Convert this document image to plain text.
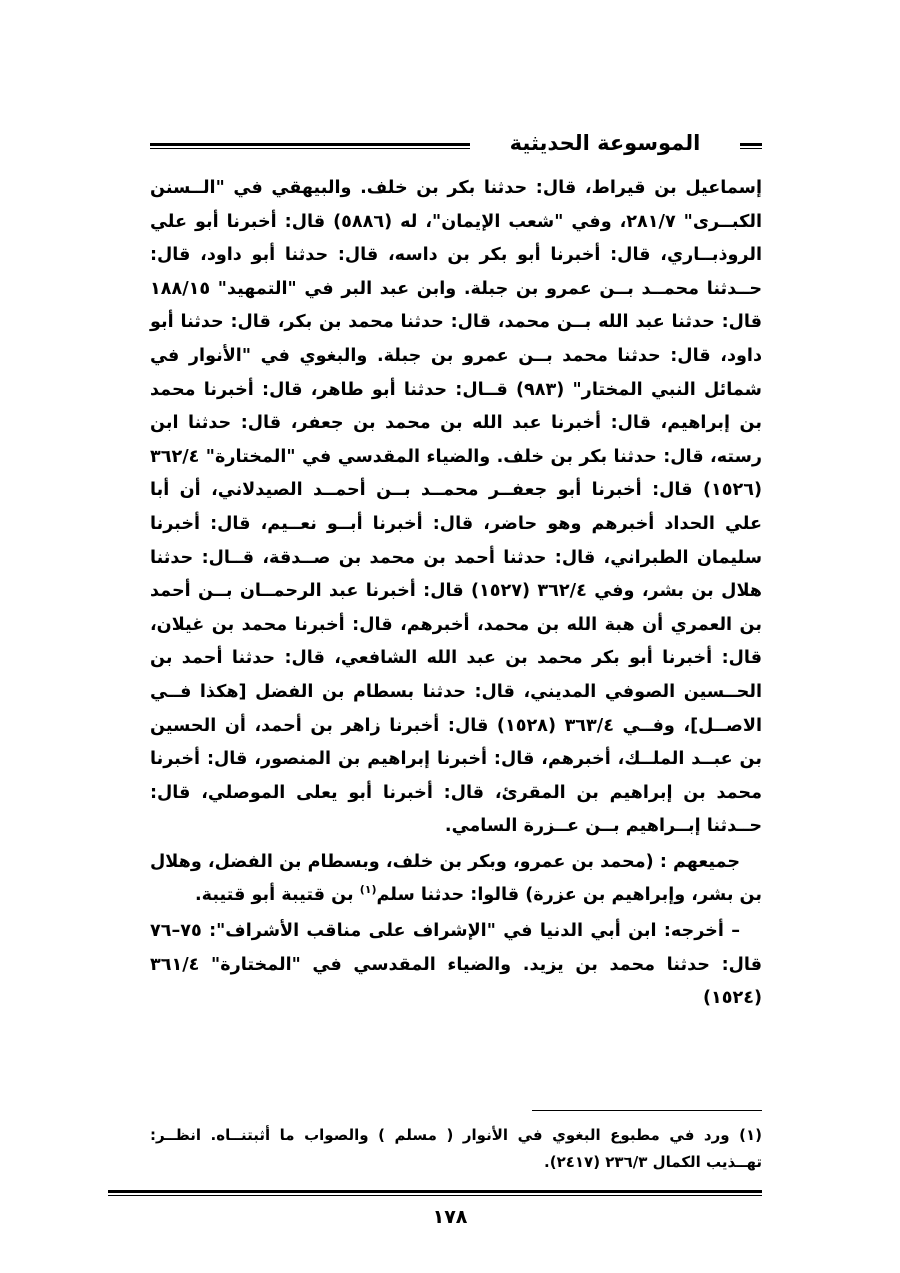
الموسوعة الحديثية

إسماعيل بن قيراط، قال: حدثنا بكر بن خلف. والبيهقي في "الــسنن الكبــرى" ٢٨١/٧، وفي "شعب الإيمان"، له (٥٨٨٦) قال: أخبرنا أبو علي الروذبــاري، قال: أخبرنا أبو بكر بن داسه، قال: حدثنا أبو داود، قال: حــدثنا محمــد بــن عمرو بن جبلة. وابن عبد البر في "التمهيد" ١٨٨/١٥ قال: حدثنا عبد الله بــن محمد، قال: حدثنا محمد بن بكر، قال: حدثنا أبو داود، قال: حدثنا محمد بــن عمرو بن جبلة. والبغوي في "الأنوار في شمائل النبي المختار" (٩٨٣) قــال: حدثنا أبو طاهر، قال: أخبرنا محمد بن إبراهيم، قال: أخبرنا عبد الله بن محمد بن جعفر، قال: حدثنا ابن رسته، قال: حدثنا بكر بن خلف. والضياء المقدسي في "المختارة" ٣٦٢/٤ (١٥٢٦) قال: أخبرنا أبو جعفــر محمــد بــن أحمــد الصيدلاني، أن أبا علي الحداد أخبرهم وهو حاضر، قال: أخبرنا أبــو نعــيم، قال: أخبرنا سليمان الطبراني، قال: حدثنا أحمد بن محمد بن صــدقة، قــال: حدثنا هلال بن بشر، وفي ٣٦٢/٤ (١٥٢٧) قال: أخبرنا عبد الرحمــان بــن أحمد بن العمري أن هبة الله بن محمد، أخبرهم، قال: أخبرنا محمد بن غيلان، قال: أخبرنا أبو بكر محمد بن عبد الله الشافعي، قال: حدثنا أحمد بن الحــسين الصوفي المديني، قال: حدثنا بسطام بن الفضل [هكذا فــي الاصــل]، وفــي ٣٦٣/٤ (١٥٢٨) قال: أخبرنا زاهر بن أحمد، أن الحسين بن عبــد الملــك، أخبرهم، قال: أخبرنا إبراهيم بن المنصور، قال: أخبرنا محمد بن إبراهيم بن المقرئ، قال: أخبرنا أبو يعلى الموصلي، قال: حــدثنا إبــراهيم بــن عــزرة السامي.

جميعهم : (محمد بن عمرو، وبكر بن خلف، وبسطام بن الفضل، وهلال بن بشر، وإبراهيم بن عزرة) قالوا: حدثنا سلم$^{(١)}$ بن قتيبة أبو قتيبة.

– أخرجه: ابن أبي الدنيا في "الإشراف على مناقب الأشراف": ٧٥–٧٦ قال: حدثنا محمد بن يزيد. والضياء المقدسي في "المختارة" ٣٦١/٤ (١٥٢٤)

(١) ورد في مطبوع البغوي في الأنوار ( مسلم ) والصواب ما أثبتنــاه. انظــر: تهــذيب الكمال ٢٣٦/٣ (٢٤١٧).

١٧٨
